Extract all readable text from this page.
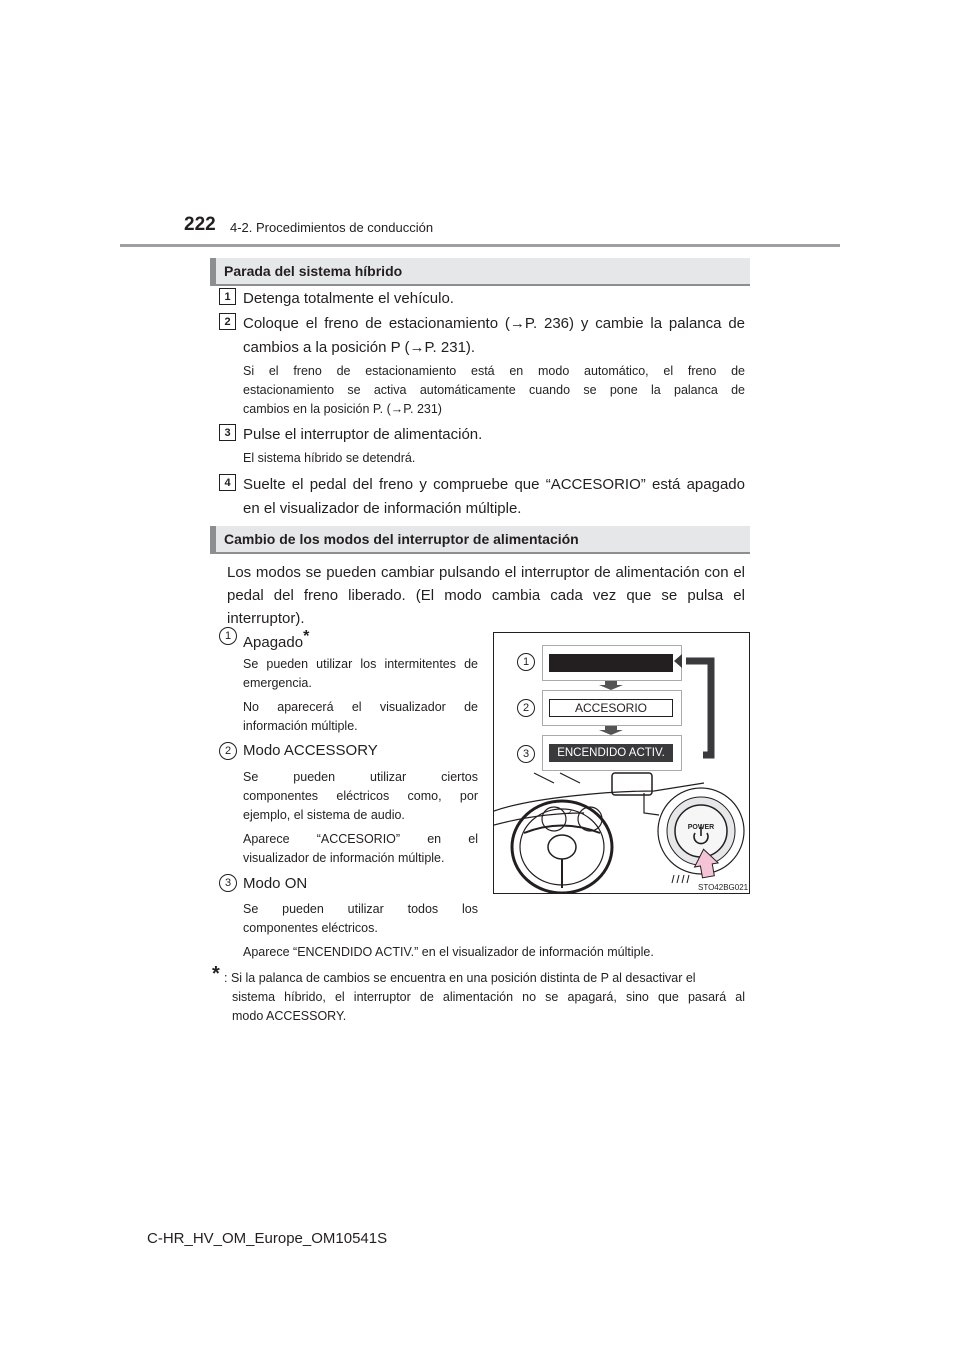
222 4-2. Procedimientos de conducción
Parada del sistema híbrido
1 Detenga totalmente el vehículo.
2 Coloque el freno de estacionamiento (→P. 236) y cambie la palanca de
cambios a la posición P (→P. 231).
Si el freno de estacionamiento está en modo automático, el freno de
estacionamiento se activa automáticamente cuando se pone la palanca de
cambios en la posición P. (→P. 231)
3 Pulse el interruptor de alimentación.
El sistema híbrido se detendrá.
4 Suelte el pedal del freno y compruebe que “ACCESORIO” está apagado
en el visualizador de información múltiple.
Cambio de los modos del interruptor de alimentación
Los modos se pueden cambiar pulsando el interruptor de alimentación con el
pedal del freno liberado. (El modo cambia cada vez que se pulsa el
interruptor).
1 Apagado*
Se pueden utilizar los intermitentes de
emergencia.
No aparecerá el visualizador de
información múltiple.
2 Modo ACCESSORY
Se pueden utilizar ciertos
componentes eléctricos como, por
ejemplo, el sistema de audio.
Aparece “ACCESORIO” en el
visualizador de información múltiple.
3 Modo ON
Se pueden utilizar todos los
componentes eléctricos.
Aparece “ENCENDIDO ACTIV.” en el visualizador de información múltiple.
* : Si la palanca de cambios se encuentra en una posición distinta de P al desactivar el
sistema híbrido, el interruptor de alimentación no se apagará, sino que pasará al
modo ACCESSORY.
ACCESORIO
ENCENDIDO ACTIV.
1
2
3
✓
POWER
STO42BG021
C-HR_HV_OM_Europe_OM10541S
